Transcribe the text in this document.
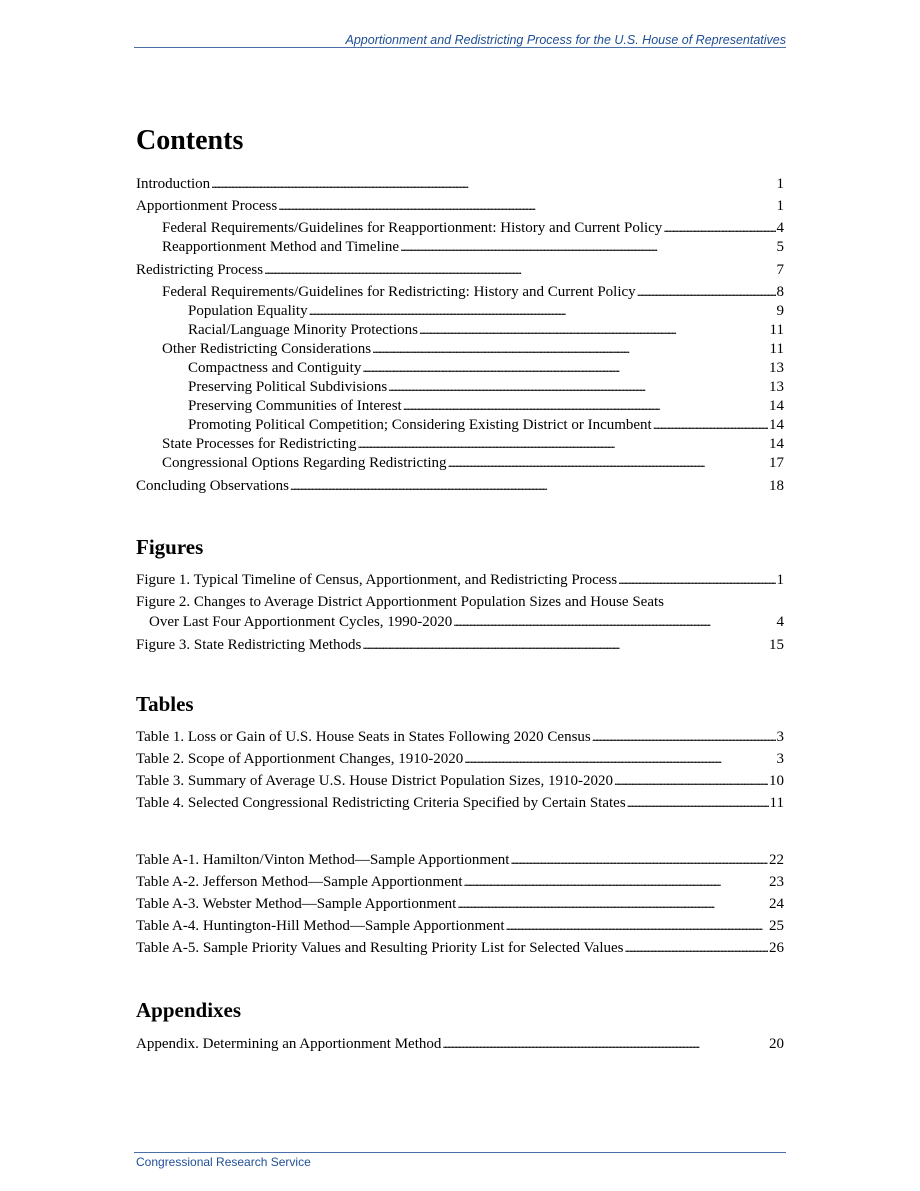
Apportionment and Redistricting Process for the U.S. House of Representatives
Contents
Introduction . . .	1
Apportionment Process . . .	1
Federal Requirements/Guidelines for Reapportionment: History and Current Policy . . .	4
Reapportionment Method and Timeline . . .	5
Redistricting Process . . .	7
Federal Requirements/Guidelines for Redistricting: History and Current Policy . . .	8
Population Equality . . .	9
Racial/Language Minority Protections . . .	11
Other Redistricting Considerations . . .	11
Compactness and Contiguity . . .	13
Preserving Political Subdivisions . . .	13
Preserving Communities of Interest . . .	14
Promoting Political Competition; Considering Existing District or Incumbent . . .	14
State Processes for Redistricting . . .	14
Congressional Options Regarding Redistricting . . .	17
Concluding Observations . . .	18
Figures
Figure 1. Typical Timeline of Census, Apportionment, and Redistricting Process . . .	1
Figure 2. Changes to Average District Apportionment Population Sizes and House Seats
Over Last Four Apportionment Cycles, 1990-2020 . . .	4
Figure 3. State Redistricting Methods . . .	15
Tables
Table 1. Loss or Gain of U.S. House Seats in States Following 2020 Census . . .	3
Table 2. Scope of Apportionment Changes, 1910-2020 . . .	3
Table 3. Summary of Average U.S. House District Population Sizes, 1910-2020 . . .	10
Table 4. Selected Congressional Redistricting Criteria Specified by Certain States . . .	11
Table A-1. Hamilton/Vinton Method—Sample Apportionment . . .	22
Table A-2. Jefferson Method—Sample Apportionment . . .	23
Table A-3. Webster Method—Sample Apportionment . . .	24
Table A-4. Huntington-Hill Method—Sample Apportionment . . .	25
Table A-5. Sample Priority Values and Resulting Priority List for Selected Values . . .	26
Appendixes
Appendix. Determining an Apportionment Method . . .	20
Congressional Research Service
